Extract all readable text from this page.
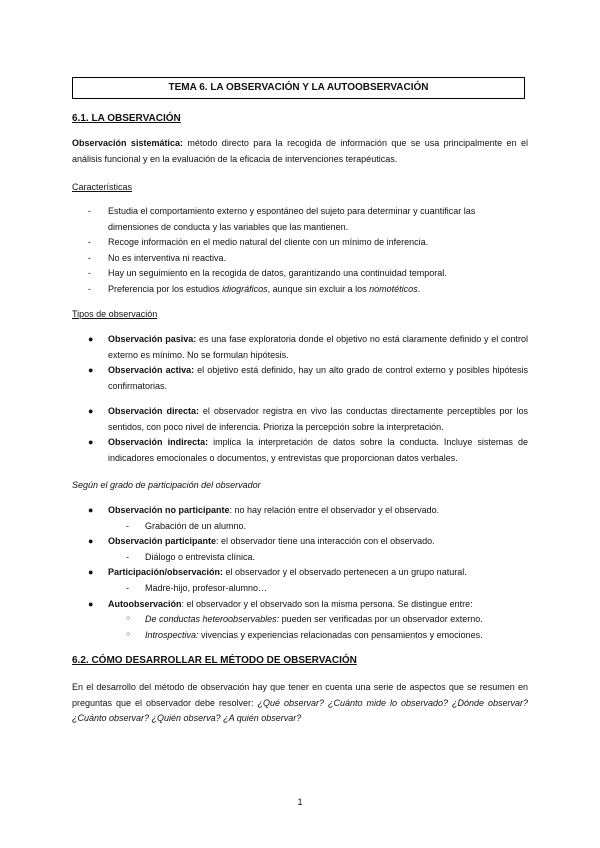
TEMA 6. LA OBSERVACIÓN Y LA AUTOOBSERVACIÓN
6.1. LA OBSERVACIÓN
Observación sistemática: método directo para la recogida de información que se usa principalmente en el análisis funcional y en la evaluación de la eficacia de intervenciones terapéuticas.
Características
- Estudia el comportamiento externo y espontáneo del sujeto para determinar y cuantificar las dimensiones de conducta y las variables que las mantienen.
- Recoge información en el medio natural del cliente con un mínimo de inferencia.
- No es interventiva ni reactiva.
- Hay un seguimiento en la recogida de datos, garantizando una continuidad temporal.
- Preferencia por los estudios idiográficos, aunque sin excluir a los nomotéticos.
Tipos de observación
● Observación pasiva: es una fase exploratoria donde el objetivo no está claramente definido y el control externo es mínimo. No se formulan hipótesis.
● Observación activa: el objetivo está definido, hay un alto grado de control externo y posibles hipótesis confirmatorias.
● Observación directa: el observador registra en vivo las conductas directamente perceptibles por los sentidos, con poco nivel de inferencia. Prioriza la percepción sobre la interpretación.
● Observación indirecta: implica la interpretación de datos sobre la conducta. Incluye sistemas de indicadores emocionales o documentos, y entrevistas que proporcionan datos verbales.
Según el grado de participación del observador
● Observación no participante: no hay relación entre el observador y el observado.
- Grabación de un alumno.
● Observación participante: el observador tiene una interacción con el observado.
- Diálogo o entrevista clínica.
● Participación/observación: el observador y el observado pertenecen a un grupo natural.
- Madre-hijo, profesor-alumno…
● Autoobservación: el observador y el observado son la misma persona. Se distingue entre:
○ De conductas heteroobservables: pueden ser verificadas por un observador externo.
○ Introspectiva: vivencias y experiencias relacionadas con pensamientos y emociones.
6.2. CÓMO DESARROLLAR EL MÉTODO DE OBSERVACIÓN
En el desarrollo del método de observación hay que tener en cuenta una serie de aspectos que se resumen en preguntas que el observador debe resolver: ¿Qué observar? ¿Cuánto mide lo observado? ¿Dónde observar? ¿Cuánto observar? ¿Quién observa? ¿A quién observar?
1
